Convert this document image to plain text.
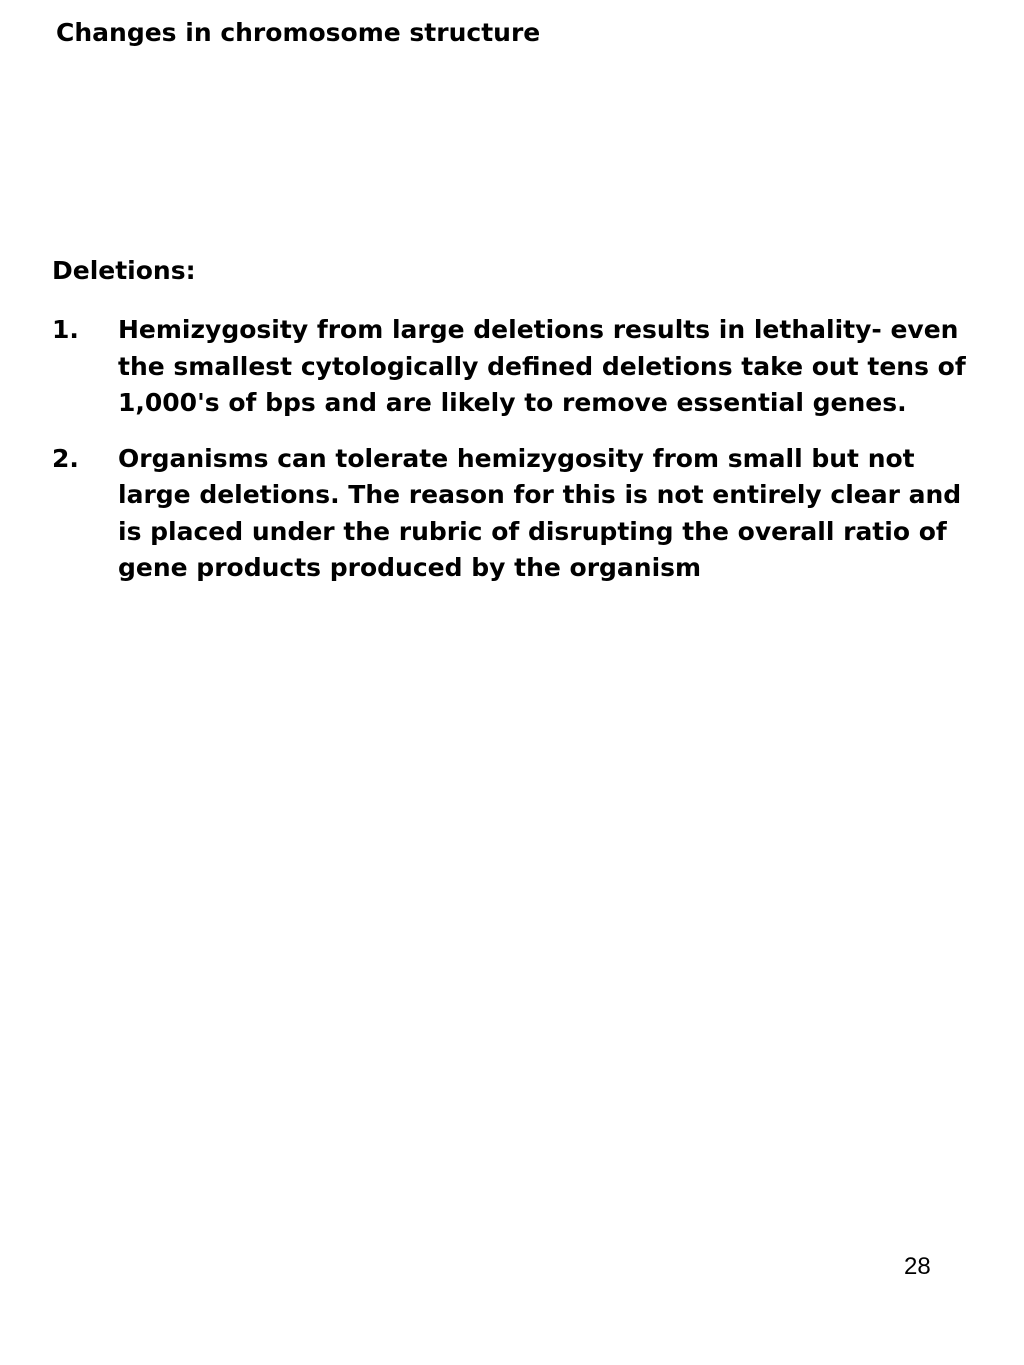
Changes in chromosome structure
Deletions:
1. Hemizygosity from large deletions results in lethality- even the smallest cytologically defined deletions take out tens of 1,000's of bps and are likely to remove essential genes.
2. Organisms can tolerate hemizygosity from small but not large deletions. The reason for this is not entirely clear and is placed under the rubric of disrupting the overall ratio of gene products produced by the organism
28
